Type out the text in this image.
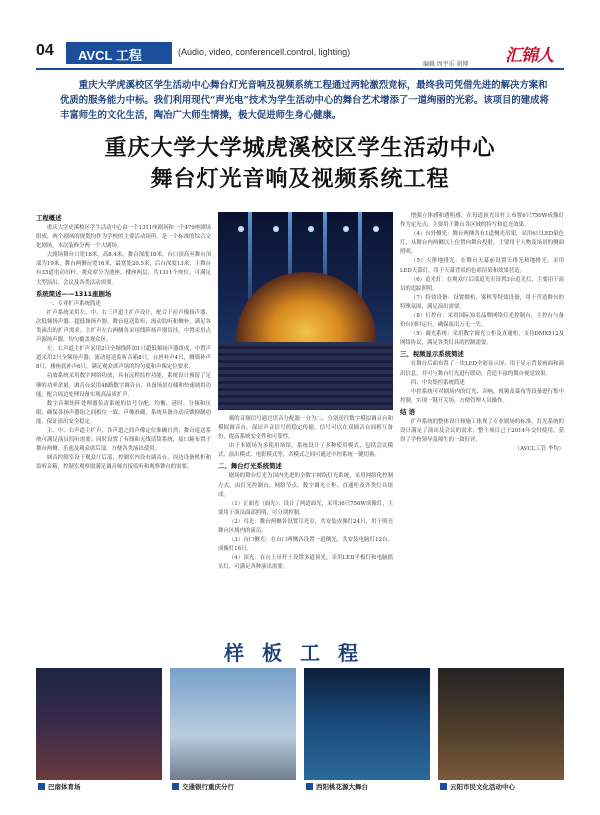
04	AVCL 工程	(Audio, video, conferencell.control, lighting)
编辑 周宇乐 胡博 汇锦人
重庆大学虎溪校区学生活动中心舞台灯光音响及视频系统工程通过两轮激烈竞标，最终我司凭借先进的解决方案和优质的服务能力中标。我们利用现代“声光电”技术为学生活动中心的舞台艺术增添了一道绚丽的光彩。该项目的建成将丰富师生的文化生活，陶冶广大师生情操，极大促进师生身心健康。
重庆大学大学城虎溪校区学生活动中心
舞台灯光音响及视频系统工程
工程概述

重庆大学虎溪校区学生活动中心由一个1311座剧场和一个479座剧场组成，两个剧场的规划均作为学校的主要活动场所。是一个标准的综合文化剧场，本次装修分两一个大剧场。

大剧场舞台口宽18米，高8.4米，舞台深度18米，台口顶高至舞台顶部为19米，舞台两侧台宽16米，最宽处20.5米，后台深度13米，主舞台有35道电动吊杆，观众席分为池座、楼座两层，共1311个座位，可满足大型演出、会议及各类活动需要。

系统简述——1311座剧场

一、专业扩声系统简述

扩声系统采用左、中、右三声道主扩声设计，配合下拉声像扬声器、次低频扬声器、超低频扬声器，舞台返送监听、流动监听和侧补，满足各类演出的扩声需求。主扩声左右两侧各采用线阵扬声器吊挂，中置采用点声源扬声器，均匀覆盖观众区。

左、右声道主扩声采用2只全频线阵加1只超低频扬声器组成，中置声道采用2只全频扬声器，流动返送监听音箱8只，台唇补声4只，侧墙补声8只，楼座底补声6只，满足观众席声场的均匀度和声像定位要求。

功放系统采用数字网络功放，具有远程监控功能，系统设计预留了足够的功率余量。调音台采用48路数字调音台，具备场景存储和快速调用功能，配合周边处理设备实现高品质扩声。

数字音频矩阵处理器负责系统的信号分配、均衡、延时、分频和压限，确保各扬声器组之间相位一致、声像准确，系统具备自动反馈抑制功能，保证演出安全稳定。

主、中、右声道主扩声，各声道之间声像定位准确自然；舞台返送系统可满足演员监听需要；同时设置了有线和无线话筒系统，接口箱布置于舞台两侧、乐池及观众席后部，方便各类演出使用。

调音控制室设于观众厅后部，控制室内设有调音台、周边设备机柜和监听音箱，控制室观察窗满足调音师直接监听和观察舞台的需要。

频的音频信号通过语音分配器一分为二，分别送往数字模拟调音台和模拟调音台，保证声音信号的稳定传输，信号可以在双调音台间相互备份，提高系统安全性和可靠性。

由于本剧场为多使用场馆，系统设计了多种使用模式，包括会议模式、演出模式、电影模式等，各模式之间可通过中控系统一键切换。

二、舞台灯光系统简述

剧场的舞台灯光为国内先进的全数字网络灯光系统，采用网络化控制方式，由灯光控制台、网络节点、数字调光立柜、直通柜及各类灯具组成。

（1）正面光（面光）：设计了两道面光，采用36只750W成像灯，主要用于演员面部照明，可分别控制。

（2）耳光：舞台两侧各设置耳光室，共安装成像灯24只，用于照亮舞台区域内的演员。

（3）台口侧光：在台口两侧各设置一道侧光，共安装电脑灯12台、成像灯16只。

（4）顶光：在台上吊杆上设置多道顶光，采用LED平板灯和电脑摇头灯，可满足各种演出需要。

增强立体感和透明感，在每道顶光吊杆上布置6只750W成像灯作为定光点，主要用于舞台各区域的特写和追光效果。

（4）台外侧光：舞台两侧各有1道侧光吊架，采用6只LED染色灯，从舞台内两侧以上位置向舞台投射，主要用于人物及场景的侧面照明。

（5）天排地排光：在舞台天幕前设置天排光和地排光，采用LED天幕灯，用于天幕背景的色彩渲染和效果营造。

（6）追光灯：在观众厅后部追光室设置3台追光灯，主要用于演员的追踪照明。

（7）特效设备：设置烟机、雾机等特效设备，用于营造舞台的特殊氛围，满足演出需要。

（8）灯控台：采用国际知名品牌网络灯光控制台，主控台与备份台同时运行，确保演出万无一失。

（9）调光系统：采用数字调光立柜及直通柜，支持DMX512及网络协议，满足各类灯具的控制需要。

三、视频显示系统简述

在舞台后面布置了一块LED全彩显示屏，用于显示背景画面和演出信息，并可与舞台灯光进行联动，营造丰富的舞台视觉效果。

四、中央集控系统简述

中控系统可对剧场内的灯光、音响、视频及幕布等设备进行集中控制，实现一键开关场，方便管理人员操作。

结 语

扩声系统的整体设计和施工体现了专业剧场的标准，灯光系统的设计满足了演出及会议的需求，整个项目已于2014年交付使用，获得了学校领导及师生的一致好评。

（AVCL工管 李均）

样板工程
巴南体育场	交通银行重庆分行	西阳桃花源大舞台	云阳市民文化活动中心
